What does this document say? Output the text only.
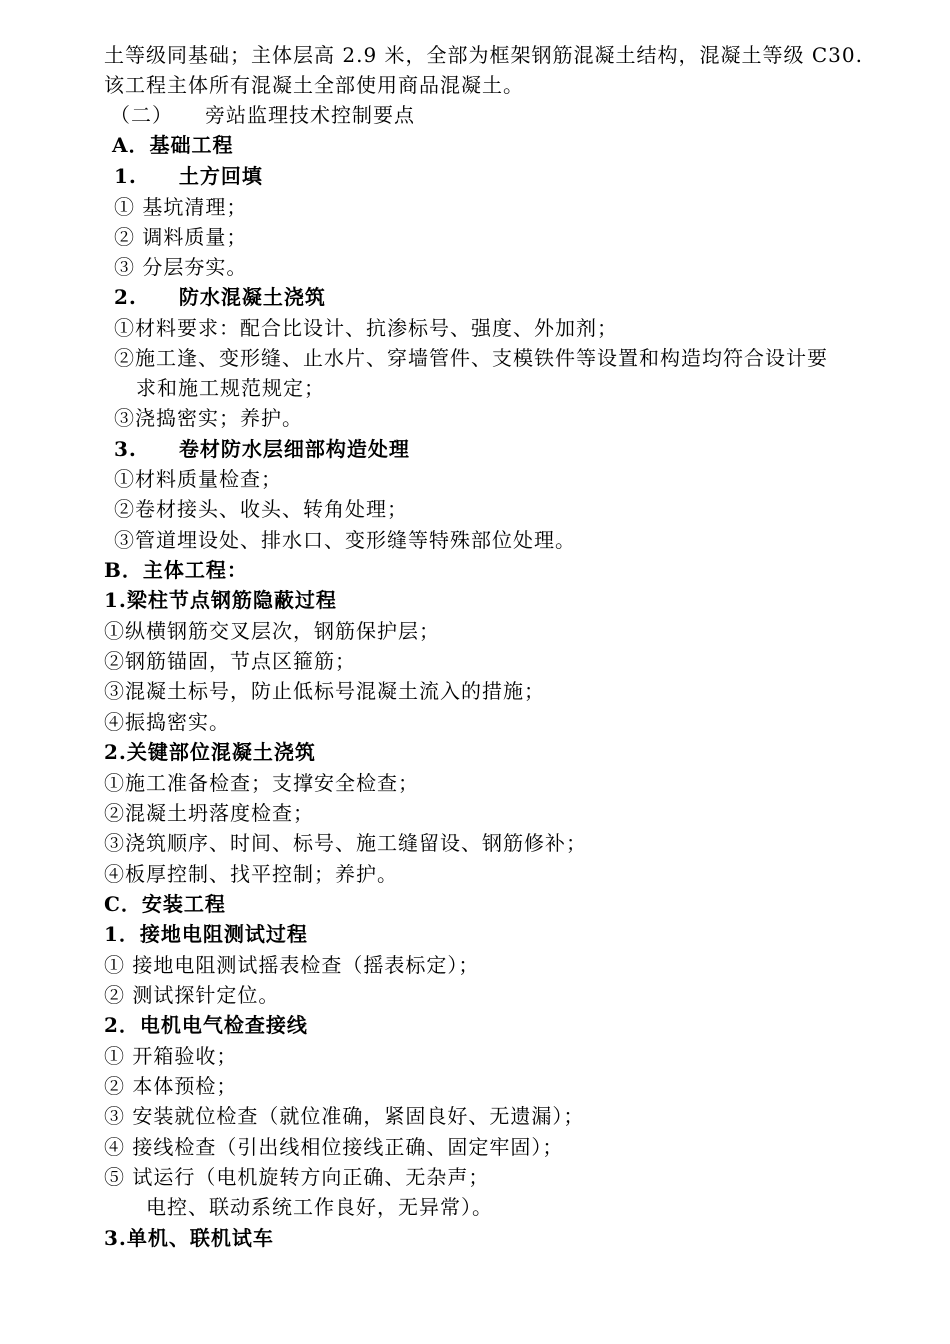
土等级同基础；主体层高 2.9 米，全部为框架钢筋混凝土结构，混凝土等级 C30.
该工程主体所有混凝土全部使用商品混凝土。
（二）　　旁站监理技术控制要点
A．基础工程
1.　　土方回填
① 基坑清理；
② 调料质量；
③ 分层夯实。
2.　　防水混凝土浇筑
①材料要求：配合比设计、抗渗标号、强度、外加剂；
②施工逢、变形缝、止水片、穿墙管件、支模铁件等设置和构造均符合设计要
求和施工规范规定；
③浇捣密实；养护。
3.　　卷材防水层细部构造处理
①材料质量检查；
②卷材接头、收头、转角处理；
③管道埋设处、排水口、变形缝等特殊部位处理。
B．主体工程：
1.梁柱节点钢筋隐蔽过程
①纵横钢筋交叉层次，钢筋保护层；
②钢筋锚固，节点区箍筋；
③混凝土标号，防止低标号混凝土流入的措施；
④振捣密实。
2.关键部位混凝土浇筑
①施工准备检查；支撑安全检查；
②混凝土坍落度检查；
③浇筑顺序、时间、标号、施工缝留设、钢筋修补；
④板厚控制、找平控制；养护。
C．安装工程
1．接地电阻测试过程
① 接地电阻测试摇表检查（摇表标定）；
② 测试探针定位。
2．电机电气检查接线
① 开箱验收；
② 本体预检；
③ 安装就位检查（就位准确，紧固良好、无遗漏）；
④ 接线检查（引出线相位接线正确、固定牢固）；
⑤ 试运行（电机旋转方向正确、无杂声；
电控、联动系统工作良好，无异常）。
3.单机、联机试车
